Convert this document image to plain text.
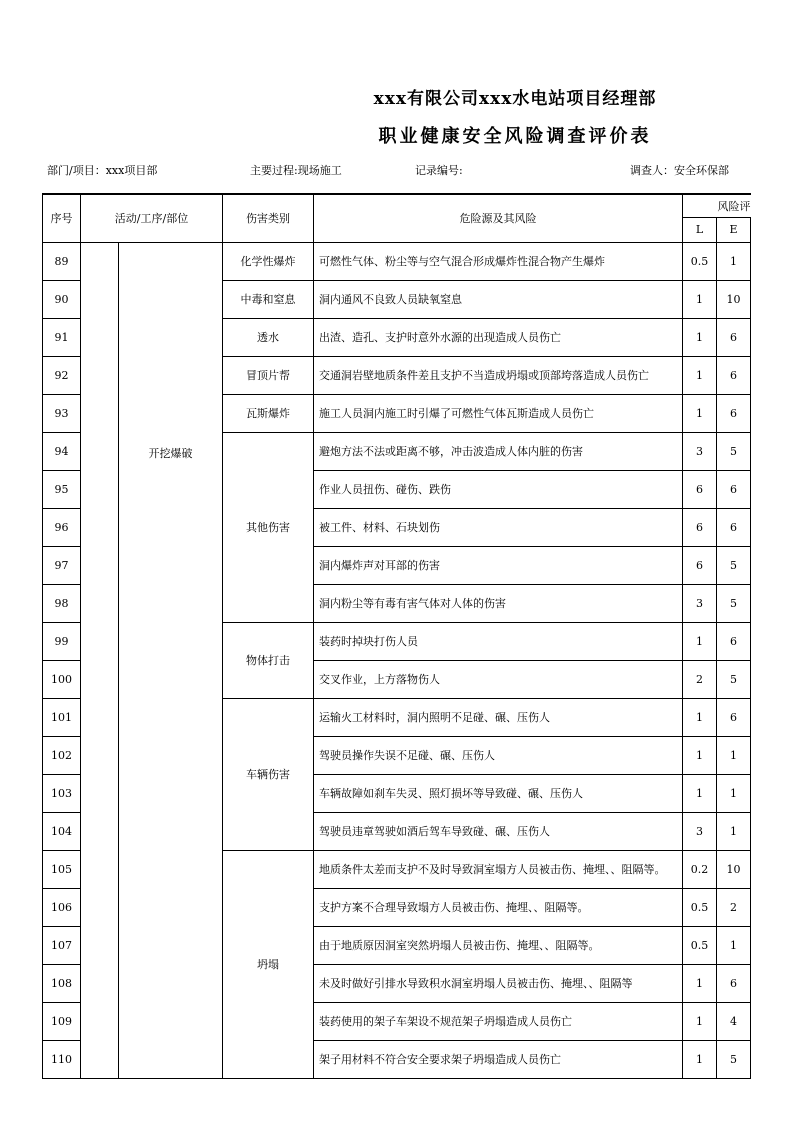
xxx有限公司xxx水电站项目经理部
职业健康安全风险调查评价表
部门/项目：xxx项目部	主要过程:现场施工	记录编号:	调查人：安全环保部
序号	活动/工序/部位		伤害类别	危险源及其风险	风险评	
					L	E
89		开挖爆破	化学性爆炸	可燃性气体、粉尘等与空气混合形成爆炸性混合物产生爆炸	0.5	1
90			中毒和窒息	洞内通风不良致人员缺氧窒息	1	10
91			透水	出渣、造孔、支护时意外水源的出现造成人员伤亡	1	6
92			冒顶片帮	交通洞岩壁地质条件差且支护不当造成坍塌或顶部垮落造成人员伤亡	1	6
93			瓦斯爆炸	施工人员洞内施工时引爆了可燃性气体瓦斯造成人员伤亡	1	6
94			其他伤害	避炮方法不法或距离不够，冲击波造成人体内脏的伤害	3	5
95				作业人员扭伤、碰伤、跌伤	6	6
96				被工件、材料、石块划伤	6	6
97				洞内爆炸声对耳部的伤害	6	5
98				洞内粉尘等有毒有害气体对人体的伤害	3	5
99			物体打击	装药时掉块打伤人员	1	6
100				交叉作业，上方落物伤人	2	5
101			车辆伤害	运输火工材料时，洞内照明不足碰、碾、压伤人	1	6
102				驾驶员操作失误不足碰、碾、压伤人	1	1
103				车辆故障如刹车失灵、照灯损坏等导致碰、碾、压伤人	1	1
104				驾驶员违章驾驶如酒后驾车导致碰、碾、压伤人	3	1
105			坍塌	地质条件太差而支护不及时导致洞室塌方人员被击伤、掩埋、、阻隔等。	0.2	10
106				支护方案不合理导致塌方人员被击伤、掩埋、、阻隔等。	0.5	2
107				由于地质原因洞室突然坍塌人员被击伤、掩埋、、阻隔等。	0.5	1
108				未及时做好引排水导致积水洞室坍塌人员被击伤、掩埋、、阻隔等	1	6
109				装药使用的架子车架设不规范架子坍塌造成人员伤亡	1	4
110				架子用材料不符合安全要求架子坍塌造成人员伤亡	1	5
